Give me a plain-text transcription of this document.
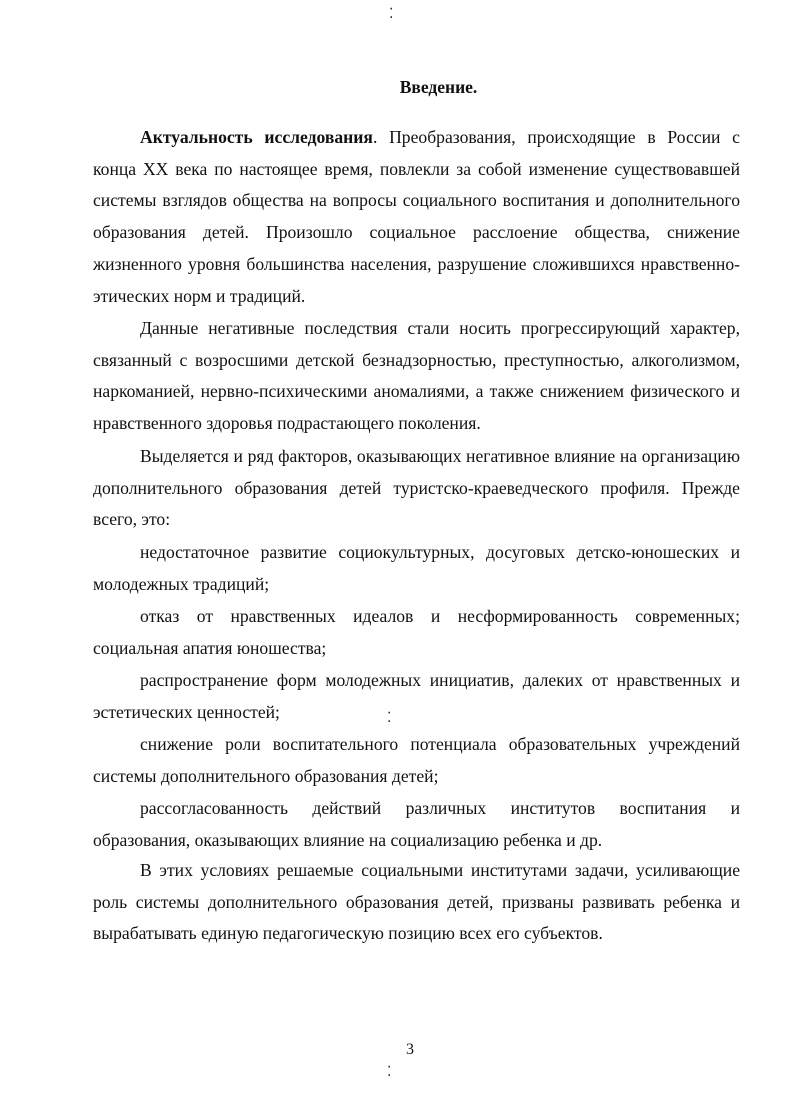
Введение.

Актуальность исследования. Преобразования, происходящие в России с конца XX века по настоящее время, повлекли за собой изменение существовавшей системы взглядов общества на вопросы социального воспитания и дополнительного образования детей. Произошло социальное расслоение общества, снижение жизненного уровня большинства населения, разрушение сложившихся нравственно-этических норм и традиций.

Данные негативные последствия стали носить прогрессирующий характер, связанный с возросшими детской безнадзорностью, преступностью, алкоголизмом, наркоманией, нервно-психическими аномалиями, а также снижением физического и нравственного здоровья подрастающего поколения.

Выделяется и ряд факторов, оказывающих негативное влияние на организацию дополнительного образования детей туристско-краеведческого профиля. Прежде всего, это:

недостаточное развитие социокультурных, досуговых детско-юношеских и молодежных традиций;

отказ от нравственных идеалов и несформированность современных; социальная апатия юношества;

распространение форм молодежных инициатив, далеких от нравственных и эстетических ценностей;

снижение роли воспитательного потенциала образовательных учреждений системы дополнительного образования детей;

рассогласованность действий различных институтов воспитания и образования, оказывающих влияние на социализацию ребенка и др.

В этих условиях решаемые социальными институтами задачи, усиливающие роль системы дополнительного образования детей, призваны развивать ребенка и вырабатывать единую педагогическую позицию всех его субъектов.

3

⁚
⁚
⁚
